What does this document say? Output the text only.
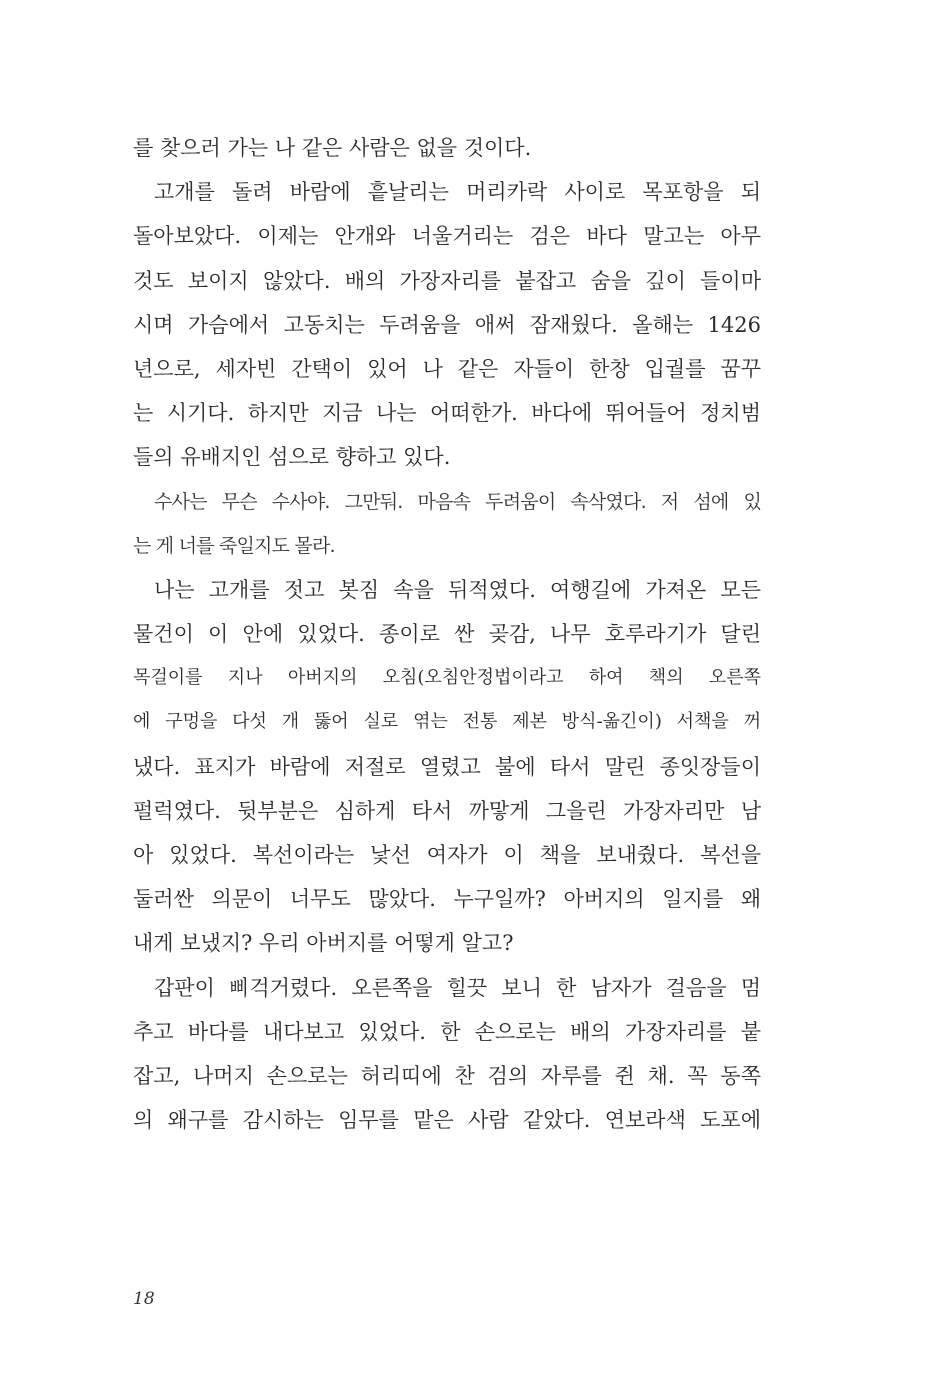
를 찾으러 가는 나 같은 사람은 없을 것이다.
고개를 돌려 바람에 흩날리는 머리카락 사이로 목포항을 되
돌아보았다. 이제는 안개와 너울거리는 검은 바다 말고는 아무
것도 보이지 않았다. 배의 가장자리를 붙잡고 숨을 깊이 들이마
시며 가슴에서 고동치는 두려움을 애써 잠재웠다. 올해는 1426
년으로, 세자빈 간택이 있어 나 같은 자들이 한창 입궐를 꿈꾸
는 시기다. 하지만 지금 나는 어떠한가. 바다에 뛰어들어 정치범
들의 유배지인 섬으로 향하고 있다.
수사는 무슨 수사야. 그만둬. 마음속 두려움이 속삭였다. 저 섬에 있
는 게 너를 죽일지도 몰라.
나는 고개를 젓고 봇짐 속을 뒤적였다. 여행길에 가져온 모든
물건이 이 안에 있었다. 종이로 싼 곶감, 나무 호루라기가 달린
목걸이를 지나 아버지의 오침(오침안정법이라고 하여 책의 오른쪽
에 구멍을 다섯 개 뚫어 실로 엮는 전통 제본 방식-옮긴이) 서책을 꺼
냈다. 표지가 바람에 저절로 열렸고 불에 타서 말린 종잇장들이
펄럭였다. 뒷부분은 심하게 타서 까맣게 그을린 가장자리만 남
아 있었다. 복선이라는 낯선 여자가 이 책을 보내줬다. 복선을
둘러싼 의문이 너무도 많았다. 누구일까? 아버지의 일지를 왜
내게 보냈지? 우리 아버지를 어떻게 알고?
갑판이 삐걱거렸다. 오른쪽을 힐끗 보니 한 남자가 걸음을 멈
추고 바다를 내다보고 있었다. 한 손으로는 배의 가장자리를 붙
잡고, 나머지 손으로는 허리띠에 찬 검의 자루를 쥔 채. 꼭 동쪽
의 왜구를 감시하는 임무를 맡은 사람 같았다. 연보라색 도포에
18
